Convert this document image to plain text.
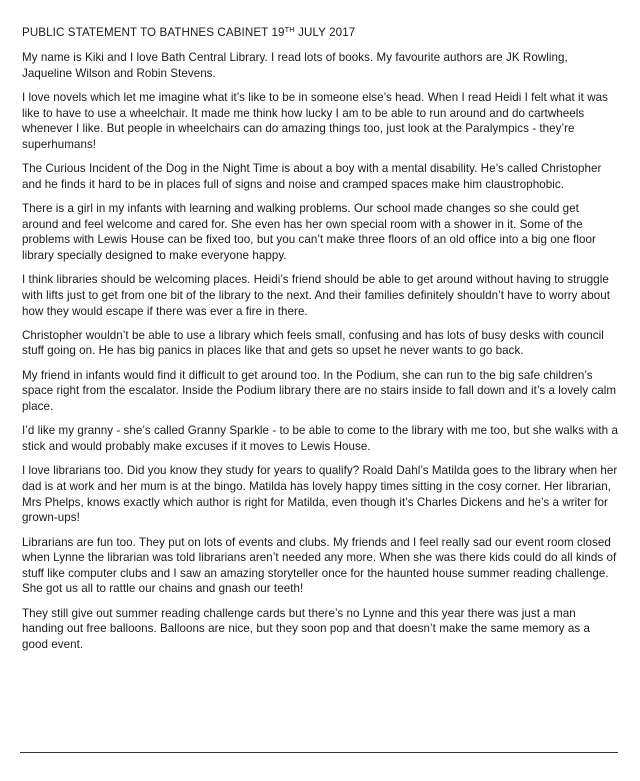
PUBLIC STATEMENT TO BATHNES CABINET 19TH JULY 2017

My name is Kiki and I love Bath Central Library. I read lots of books. My favourite authors are JK Rowling, Jaqueline Wilson and Robin Stevens.

I love novels which let me imagine what it’s like to be in someone else’s head. When I read Heidi I felt what it was like to have to use a wheelchair. It made me think how lucky I am to be able to run around and do cartwheels whenever I like. But people in wheelchairs can do amazing things too, just look at the Paralympics - they’re superhumans!

The Curious Incident of the Dog in the Night Time is about a boy with a mental disability. He’s called Christopher and he finds it hard to be in places full of signs and noise and cramped spaces make him claustrophobic.

There is a girl in my infants with learning and walking problems. Our school made changes so she could get around and feel welcome and cared for. She even has her own special room with a shower in it. Some of the problems with Lewis House can be fixed too, but you can’t make three floors of an old office into a big one floor library specially designed to make everyone happy.

I think libraries should be welcoming places. Heidi’s friend should be able to get around without having to struggle with lifts just to get from one bit of the library to the next. And their families definitely shouldn’t have to worry about how they would escape if there was ever a fire in there.

Christopher wouldn’t be able to use a library which feels small, confusing and has lots of busy desks with council stuff going on. He has big panics in places like that and gets so upset he never wants to go back.

My friend in infants would find it difficult to get around too. In the Podium, she can run to the big safe children’s space right from the escalator. Inside the Podium library there are no stairs inside to fall down and it’s a lovely calm place.

I’d like my granny - she’s called Granny Sparkle - to be able to come to the library with me too, but she walks with a stick and would probably make excuses if it moves to Lewis House.

I love librarians too. Did you know they study for years to qualify? Roald Dahl’s Matilda goes to the library when her dad is at work and her mum is at the bingo. Matilda has lovely happy times sitting in the cosy corner. Her librarian, Mrs Phelps, knows exactly which author is right for Matilda, even though it’s Charles Dickens and he’s a writer for grown-ups!

Librarians are fun too. They put on lots of events and clubs. My friends and I feel really sad our event room closed when Lynne the librarian was told librarians aren’t needed any more. When she was there kids could do all kinds of stuff like computer clubs and I saw an amazing storyteller once for the haunted house summer reading challenge. She got us all to rattle our chains and gnash our teeth!

They still give out summer reading challenge cards but there’s no Lynne and this year there was just a man handing out free balloons. Balloons are nice, but they soon pop and that doesn’t make the same memory as a good event.
